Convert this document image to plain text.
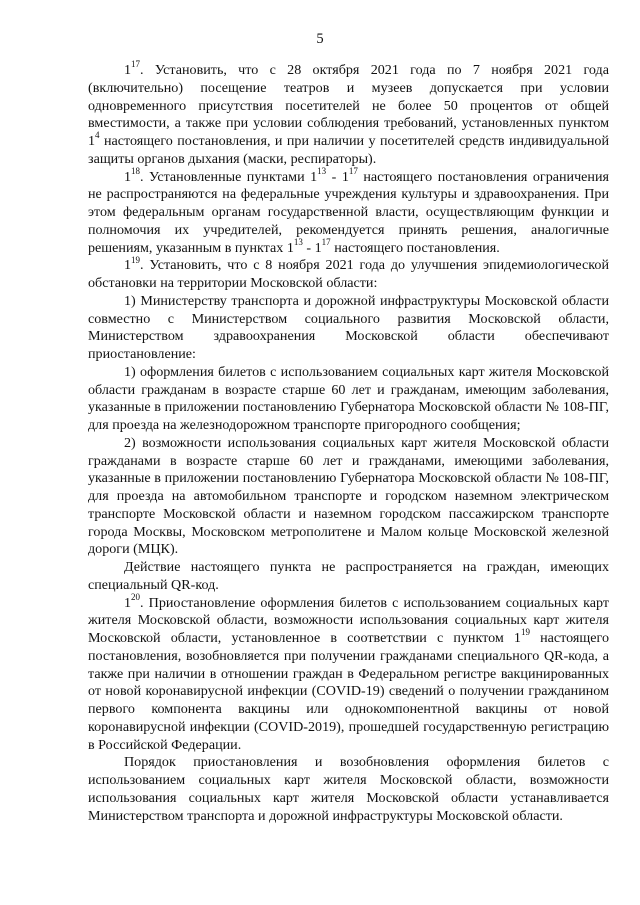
5

$1^{17}$. Установить, что с 28 октября 2021 года по 7 ноября 2021 года (включительно) посещение театров и музеев допускается при условии одновременного присутствия посетителей не более 50 процентов от общей вместимости, а также при условии соблюдения требований, установленных пунктом $1^4$ настоящего постановления, и при наличии у посетителей средств индивидуальной защиты органов дыхания (маски, респираторы).

$1^{18}$. Установленные пунктами $1^{13} - 1^{17}$ настоящего постановления ограничения не распространяются на федеральные учреждения культуры и здравоохранения. При этом федеральным органам государственной власти, осуществляющим функции и полномочия их учредителей, рекомендуется принять решения, аналогичные решениям, указанным в пунктах $1^{13} - 1^{17}$ настоящего постановления.

$1^{19}$. Установить, что с 8 ноября 2021 года до улучшения эпидемиологической обстановки на территории Московской области:

1) Министерству транспорта и дорожной инфраструктуры Московской области совместно с Министерством социального развития Московской области, Министерством здравоохранения Московской области обеспечивают приостановление:

1) оформления билетов с использованием социальных карт жителя Московской области гражданам в возрасте старше 60 лет и гражданам, имеющим заболевания, указанные в приложении постановлению Губернатора Московской области № 108-ПГ, для проезда на железнодорожном транспорте пригородного сообщения;

2) возможности использования социальных карт жителя Московской области гражданами в возрасте старше 60 лет и гражданами, имеющими заболевания, указанные в приложении постановлению Губернатора Московской области № 108-ПГ, для проезда на автомобильном транспорте и городском наземном электрическом транспорте Московской области и наземном городском пассажирском транспорте города Москвы, Московском метрополитене и Малом кольце Московской железной дороги (МЦК).

Действие настоящего пункта не распространяется на граждан, имеющих специальный QR-код.

$1^{20}$. Приостановление оформления билетов с использованием социальных карт жителя Московской области, возможности использования социальных карт жителя Московской области, установленное в соответствии с пунктом $1^{19}$ настоящего постановления, возобновляется при получении гражданами специального QR-кода, а также при наличии в отношении граждан в Федеральном регистре вакцинированных от новой коронавирусной инфекции (COVID-19) сведений о получении гражданином первого компонента вакцины или однокомпонентной вакцины от новой коронавирусной инфекции (COVID-2019), прошедшей государственную регистрацию в Российской Федерации.

Порядок приостановления и возобновления оформления билетов с использованием социальных карт жителя Московской области, возможности использования социальных карт жителя Московской области устанавливается Министерством транспорта и дорожной инфраструктуры Московской области.
